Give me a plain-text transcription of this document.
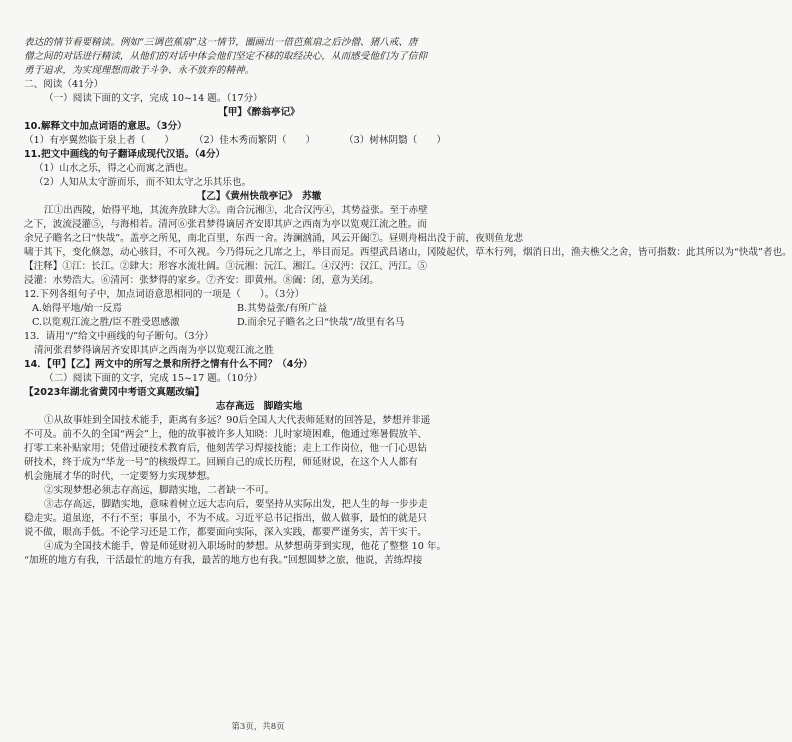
表达的情节看要精读。例如“三调芭蕉扇”这一情节，圈画出一借芭蕉扇之后沙僧、猪八戒、唐
僧之间的对话进行精读，从他们的对话中体会他们坚定不移的取经决心，从而感受他们为了信仰
勇于追求，为实现理想而敢于斗争、永不放弃的精神。
二、阅读（41分）
（一）阅读下面的文字，完成 10~14 题。（17分）
【甲】《醉翁亭记》
10.解释文中加点词语的意思。（3分）
（1）有亭翼然临于泉上者（　　）	（2）佳木秀而繁阴（　　）	（3）树林阴翳（　　）
11.把文中画线的句子翻译成现代汉语。（4分）
（1）山水之乐，得之心而寓之酒也。
（2）人知从太守游而乐，而不知太守之乐其乐也。
【乙】《黄州快哉亭记》　苏辙
江①出西陵，始得平地，其流奔放肆大②。南合沅湘③，北合汉沔④，其势益张。至于赤壁
之下，波流浸灌⑤，与海相若。清河⑥张君梦得谪居齐安即其庐之西南为亭以览观江流之胜。而
余兄子瞻名之曰“快哉”。盖亭之所见，南北百里，东西一舍。涛澜汹涌，风云开阖⑦。昼则舟楫出没于前，夜则鱼龙悲
啸于其下，变化倏忽，动心骇目，不可久视。今乃得玩之几席之上，举目而足。西望武昌诸山，冈陵起伏，草木行列，烟消日出，渔夫樵父之舍，皆可指数：此其所以为“快哉”者也。
【注释】①江：长江。②肆大：形容水流壮阔。③沅湘：沅江、湘江。④汉沔：汉江、沔江。⑤
浸灌：水势浩大。⑥清河：张梦得的家乡。⑦齐安：即黄州。⑧阖：闭，意为关闭。
12.下列各组句子中，加点词语意思相同的一项是（　　）。（3分）
A.始得平地/始一反焉	B.其势益张/有所广益
C.以览观江流之胜/臣不胜受恩感激	D.而余兄子瞻名之曰“快哉”/故里有名马
13．请用“/”给文中画线的句子断句。（3分）
清河张君梦得谪居齐安即其庐之西南为亭以览观江流之胜
14．【甲】【乙】两文中的所写之景和所抒之情有什么不同？（4分）
（二）阅读下面的文字，完成 15~17 题。（10分）
【2023年湖北省黄冈中考语文真题改编】
志存高远　脚踏实地
①从故事娃到全国技术能手，距离有多远？90后全国人大代表师延财的回答是，梦想并非遥
不可及。前不久的全国“两会”上，他的故事被许多人知晓：儿时家境困难，他通过寒暑假放羊、
打零工来补贴家用；凭借过硬技术教育后，他刻苦学习焊接技能；走上工作岗位，他一门心思钻
研技术，终于成为“华龙一号”的核级焊工。回顾自己的成长历程，师延财说，在这个人人都有
机会施展才华的时代，一定要努力实现梦想。
②实现梦想必须志存高远，脚踏实地，二者缺一不可。
③志存高远，脚踏实地，意味着树立远大志向后，要坚持从实际出发，把人生的每一步步走
稳走实。道虽迩，不行不至；事虽小，不为不成。习近平总书记指出，做人做事，最怕的就是只
说不做，眼高手低。不论学习还是工作，都要面向实际，深入实践，都要严谨务实，苦干实干。
④成为全国技术能手，曾是师延财初入职场时的梦想。从梦想萌芽到实现，他花了整整 10 年。
“加班的地方有我，干活最忙的地方有我，最苦的地方也有我。”回想圆梦之旅，他说，苦练焊接
第3页，共8页
